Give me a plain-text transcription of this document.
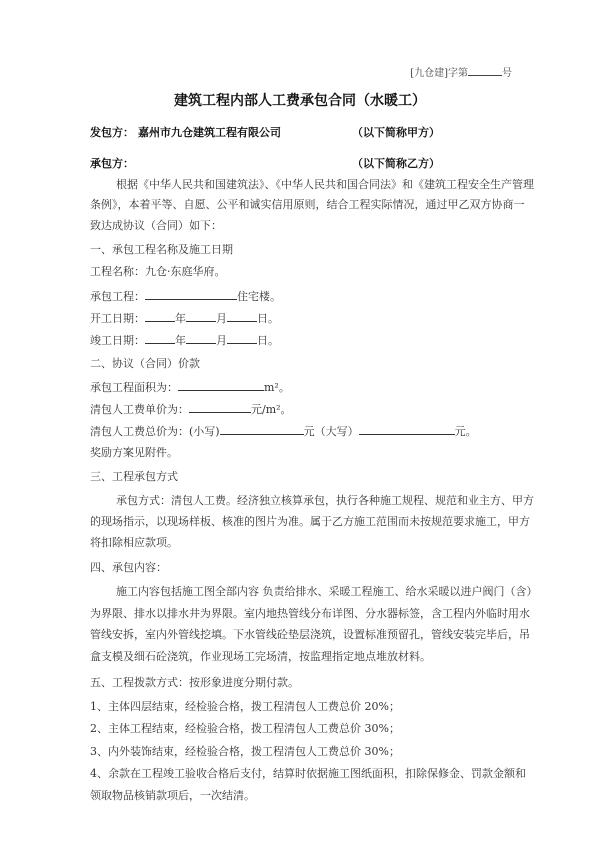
[九仓建]字第	号
建筑工程内部人工费承包合同（水暖工）
发包方： 嘉州市九仓建筑工程有限公司	（以下简称甲方）
承包方：	（以下简称乙方）
根据《中华人民共和国建筑法》、《中华人民共和国合同法》和《建筑工程安全生产管理
条例》，本着平等、自愿、公平和诚实信用原则，结合工程实际情况，通过甲乙双方协商一
致达成协议（合同）如下：
一、承包工程名称及施工日期
工程名称：九仓·东庭华府。
承包工程：	住宅楼。
开工日期：	年	月	日。
竣工日期：	年	月	日。
二、协议（合同）价款
承包工程面积为：	m²。
清包人工费单价为：	元/m²。
清包人工费总价为：(小写)	元（大写）	元。
奖励方案见附件。
三、工程承包方式
承包方式：清包人工费。经济独立核算承包，执行各种施工规程、规范和业主方、甲方
的现场指示，以现场样板、核准的图片为准。属于乙方施工范围而未按规范要求施工，甲方
将扣除相应款项。
四、承包内容：
施工内容包括施工图全部内容 负责给排水、采暖工程施工、给水采暖以进户阀门（含）
为界限、排水以排水井为界限。室内地热管线分布详图、分水器标签，含工程内外临时用水
管线安拆，室内外管线挖填。下水管线砼垫层浇筑，设置标准预留孔，管线安装完毕后，吊
盒支模及细石砼浇筑，作业现场工完场清，按监理指定地点堆放材料。
五、工程拨款方式：按形象进度分期付款。
1、主体四层结束，经检验合格，拨工程清包人工费总价 20%；
2、主体工程结束，经检验合格，拨工程清包人工费总价 30%；
3、内外装饰结束，经检验合格，拨工程清包人工费总价 30%；
4、余款在工程竣工验收合格后支付，结算时依据施工图纸面积，扣除保修金、罚款金额和
领取物品核销款项后，一次结清。
